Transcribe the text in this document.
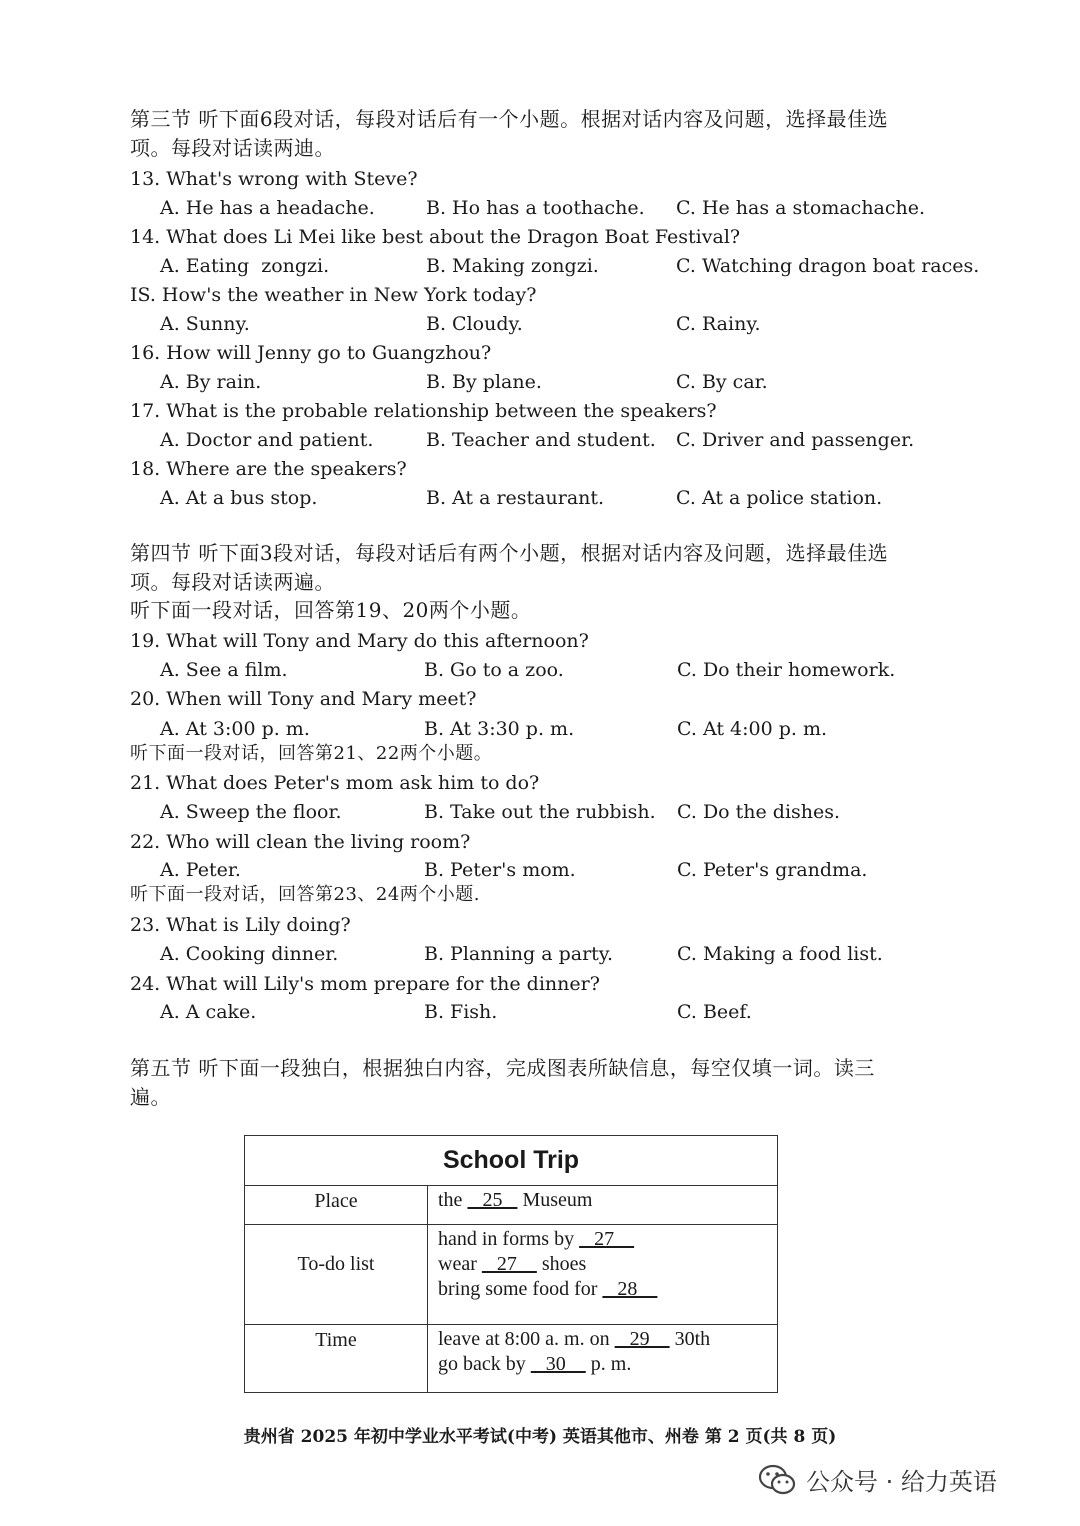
第三节 听下面6段对话，每段对话后有一个小题。根据对话内容及问题，选择最佳选
项。每段对话读两迪。
13. What's wrong with Steve?
A. He has a headache.	B. Ho has a toothache. C. He has a stomachache.
14. What does Li Mei like best about the Dragon Boat Festival?
A. Eating  zongzi.	B. Making zongzi.	C. Watching dragon boat races.
IS. How's the weather in New York today?
A. Sunny.	B. Cloudy.	C. Rainy.
16. How will Jenny go to Guangzhou?
A. By rain.	B. By plane.	C. By car.
17. What is the probable relationship between the speakers?
A. Doctor and patient.	B. Teacher and student. C. Driver and passenger.
18. Where are the speakers?
A. At a bus stop.	B. At a restaurant.	C. At a police station.
第四节 听下面3段对话，每段对话后有两个小题，根据对话内容及问题，选择最佳选
项。每段对话读两遍。
听下面一段对话，回答第19、20两个小题。
听下面一段对话，回答第21、22两个小题。
听下面一段对话，回答第23、24两个小题.
19. What will Tony and Mary do this afternoon?
A. See a film.	B. Go to a zoo.	C. Do their homework.
20. When will Tony and Mary meet?
A. At 3:00 p. m.	B. At 3:30 p. m.	C. At 4:00 p. m.
21. What does Peter's mom ask him to do?
A. Sweep the floor.	B. Take out the rubbish. C. Do the dishes.
22. Who will clean the living room?
A. Peter.	B. Peter's mom.	C. Peter's grandma.
23. What is Lily doing?
A. Cooking dinner.	B. Planning a party.	C. Making a food list.
24. What will Lily's mom prepare for the dinner?
A. A cake.	B. Fish.	C. Beef.
第五节 听下面一段独白，根据独白内容，完成图表所缺信息，每空仅填一词。读三
遍。
School Trip	
Place	the    25    Museum
To-do list	hand in forms by    27
wear    27     shoes
bring some food for    28

Time	leave at 8:00 a. m. on    29     30th
go back by    30     p. m.
贵州省 2025 年初中学业水平考试(中考) 英语其他市、州卷 第 2 页(共 8 页)
公众号 · 给力英语
